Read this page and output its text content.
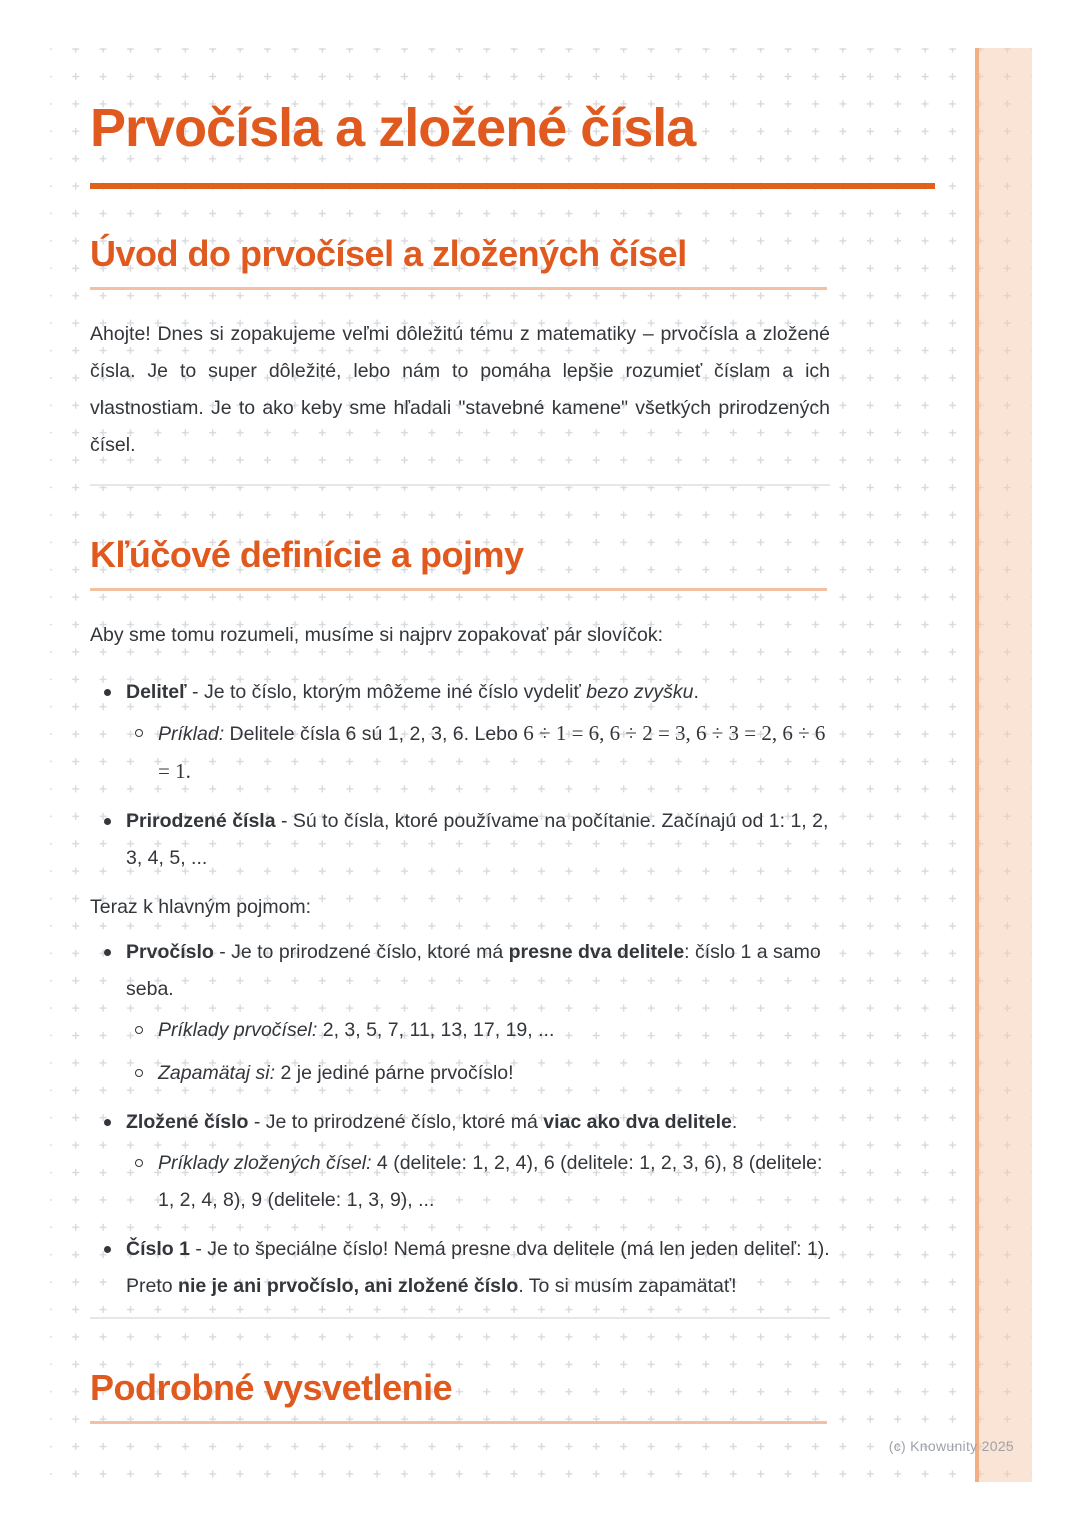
Prvočísla a zložené čísla
Úvod do prvočísel a zložených čísel

Ahojte! Dnes si zopakujeme veľmi dôležitú tému z matematiky – prvočísla a zložené čísla. Je to super dôležité, lebo nám to pomáha lepšie rozumieť číslam a ich vlastnostiam. Je to ako keby sme hľadali "stavebné kamene" všetkých prirodzených čísel.

Kľúčové definície a pojmy

Aby sme tomu rozumeli, musíme si najprv zopakovať pár slovíčok:

Deliteľ - Je to číslo, ktorým môžeme iné číslo vydeliť bezo zvyšku.
Príklad: Delitele čísla 6 sú 1, 2, 3, 6. Lebo 6 ÷ 1 = 6, 6 ÷ 2 = 3, 6 ÷ 3 = 2, 6 ÷ 6 = 1.
Prirodzené čísla - Sú to čísla, ktoré používame na počítanie. Začínajú od 1: 1, 2, 3, 4, 5, ...

Teraz k hlavným pojmom:

Prvočíslo - Je to prirodzené číslo, ktoré má presne dva delitele: číslo 1 a samo seba.
Príklady prvočísel: 2, 3, 5, 7, 11, 13, 17, 19, ...
Zapamätaj si: 2 je jediné párne prvočíslo!
Zložené číslo - Je to prirodzené číslo, ktoré má viac ako dva delitele.
Príklady zložených čísel: 4 (delitele: 1, 2, 4), 6 (delitele: 1, 2, 3, 6), 8 (delitele: 1, 2, 4, 8), 9 (delitele: 1, 3, 9), ...
Číslo 1 - Je to špeciálne číslo! Nemá presne dva delitele (má len jeden deliteľ: 1). Preto nie je ani prvočíslo, ani zložené číslo. To si musím zapamätať!
Podrobné vysvetlenie
(c) Knowunity 2025
